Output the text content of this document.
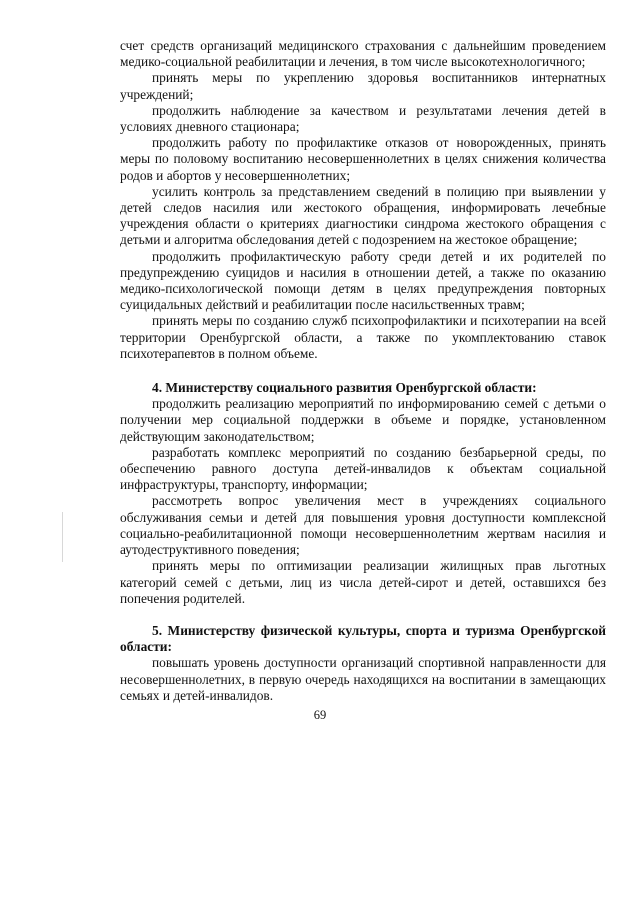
счет средств организаций медицинского страхования с дальнейшим проведением медико-социальной реабилитации и лечения, в том числе высокотехнологичного;

принять меры по укреплению здоровья воспитанников интернатных учреждений;

продолжить наблюдение за качеством и результатами лечения детей в условиях дневного стационара;

продолжить работу по профилактике отказов от новорожденных, принять меры по половому воспитанию несовершеннолетних в целях снижения количества родов и абортов у несовершеннолетних;

усилить контроль за представлением сведений в полицию при выявлении у детей следов насилия или жестокого обращения, информировать лечебные учреждения области о критериях диагностики синдрома жестокого обращения с детьми и алгоритма обследования детей с подозрением на жестокое обращение;

продолжить профилактическую работу среди детей и их родителей по предупреждению суицидов и насилия в отношении детей, а также по оказанию медико-психологической помощи детям в целях предупреждения повторных суицидальных действий и реабилитации после насильственных травм;

принять меры по созданию служб психопрофилактики и психотерапии на всей территории Оренбургской области, а также по укомплектованию ставок психотерапевтов в полном объеме.

4. Министерству социального развития Оренбургской области:

продолжить реализацию мероприятий по информированию семей с детьми о получении мер социальной поддержки в объеме и порядке, установленном действующим законодательством;

разработать комплекс мероприятий по созданию безбарьерной среды, по обеспечению равного доступа детей-инвалидов к объектам социальной инфраструктуры, транспорту, информации;

рассмотреть вопрос увеличения мест в учреждениях социального обслуживания семьи и детей для повышения уровня доступности комплексной социально-реабилитационной помощи несовершеннолетним жертвам насилия и аутодеструктивного поведения;

принять меры по оптимизации реализации жилищных прав льготных категорий семей с детьми, лиц из числа детей-сирот и детей, оставшихся без попечения родителей.

5. Министерству физической культуры, спорта и туризма Оренбургской области:

повышать уровень доступности организаций спортивной направленности для несовершеннолетних, в первую очередь находящихся на воспитании в замещающих семьях и детей-инвалидов.

69
